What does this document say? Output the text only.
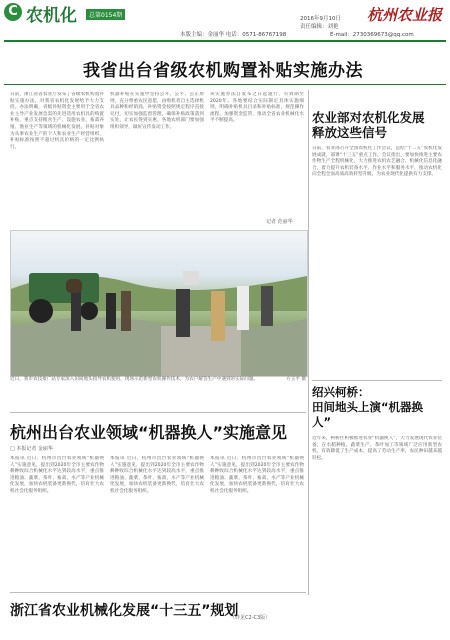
C 农机化	总第0154期	2016年9月10日
责任编辑：刘艳
本版主编：金丽华 电话：0571-86767198	E-mail：2730369673@qq.com
杭州农业报
我省出台省级农机购置补贴实施办法
日前，浙江省省农业厅发布了省级农机购置补贴实施办法，对我省农机化发展给予大力支持。办法明确，省级补贴资金主要用于全省农业主导产业发展急需的先进适用农机具的购置补贴，重点支持粮食生产、设施农业、畜禽养殖、渔业生产等领域的机械化发展。补贴对象为从事农业生产的个人和农业生产经营组织，补贴标准按照不超过机具价格的一定比例执行。
机器补贴在实施中坚持公开、公平、公正原则，充分尊重农民意愿，由购机者自主选择机具品种和经销商，补贴资金按照规定程序直接兑付，切实加强监督管理，确保补贴政策落到实处，让农民得到实惠。各地农机部门要加强组织领导，做好宣传发动工作。
该实施办法自发布之日起施行，有效期至2020年。各地要结合实际制定具体实施细则，明确补贴机具目录和补贴标准，规范操作流程，加强资金监管，推动全省农业机械化水平不断提高。
记者 范丽华
近日，我市农技推广站专家深入田间地头指导农机使用，现场示范新型农机操作技术，为农户解答生产中遇到的实际问题。	方玉平 摄
农业部对农机化发展
释放这些信号
日前，农业部召开全国农机化工作会议，总结“十二五”农机化发展成就，部署“十三五”重点工作。会议指出，要加快推进主要农作物生产全程机械化，大力推进农机农艺融合、机械化信息化融合，着力提升农机装备水平、作业水平和服务水平，推动农机化向全程全面高质高效转型升级，为农业现代化提供有力支撑。
绍兴柯桥：
田间地头上演“机器换人”
近年来，柯桥区积极推进农业“机器换人”，大力发展现代农业装备，在水稻种植、蔬菜生产、茶叶加工等领域广泛应用新型农机，有效降低了生产成本，提高了劳动生产率，农民种田越来越轻松。
杭州出台农业领域“机器换人”实施意见
□ 本报记者 金丽华
本报讯 近日，杭州市出台农业领域“机器换人”实施意见，提出到2020年全市主要农作物耕种收综合机械化水平达到较高水平，重点推进粮油、蔬菜、茶叶、畜禽、水产等产业机械化发展，加快农机装备更新换代，培育壮大农机社会化服务组织。
本报讯 近日，杭州市出台农业领域“机器换人”实施意见，提出到2020年全市主要农作物耕种收综合机械化水平达到较高水平，重点推进粮油、蔬菜、茶叶、畜禽、水产等产业机械化发展，加快农机装备更新换代，培育壮大农机社会化服务组织。
本报讯 近日，杭州市出台农业领域“机器换人”实施意见，提出到2020年全市主要农作物耕种收综合机械化水平达到较高水平，重点推进粮油、蔬菜、茶叶、畜禽、水产等产业机械化发展，加快农机装备更新换代，培育壮大农机社会化服务组织。
浙江省农业机械化发展“十三五”规划
（详见C2-C3版）
